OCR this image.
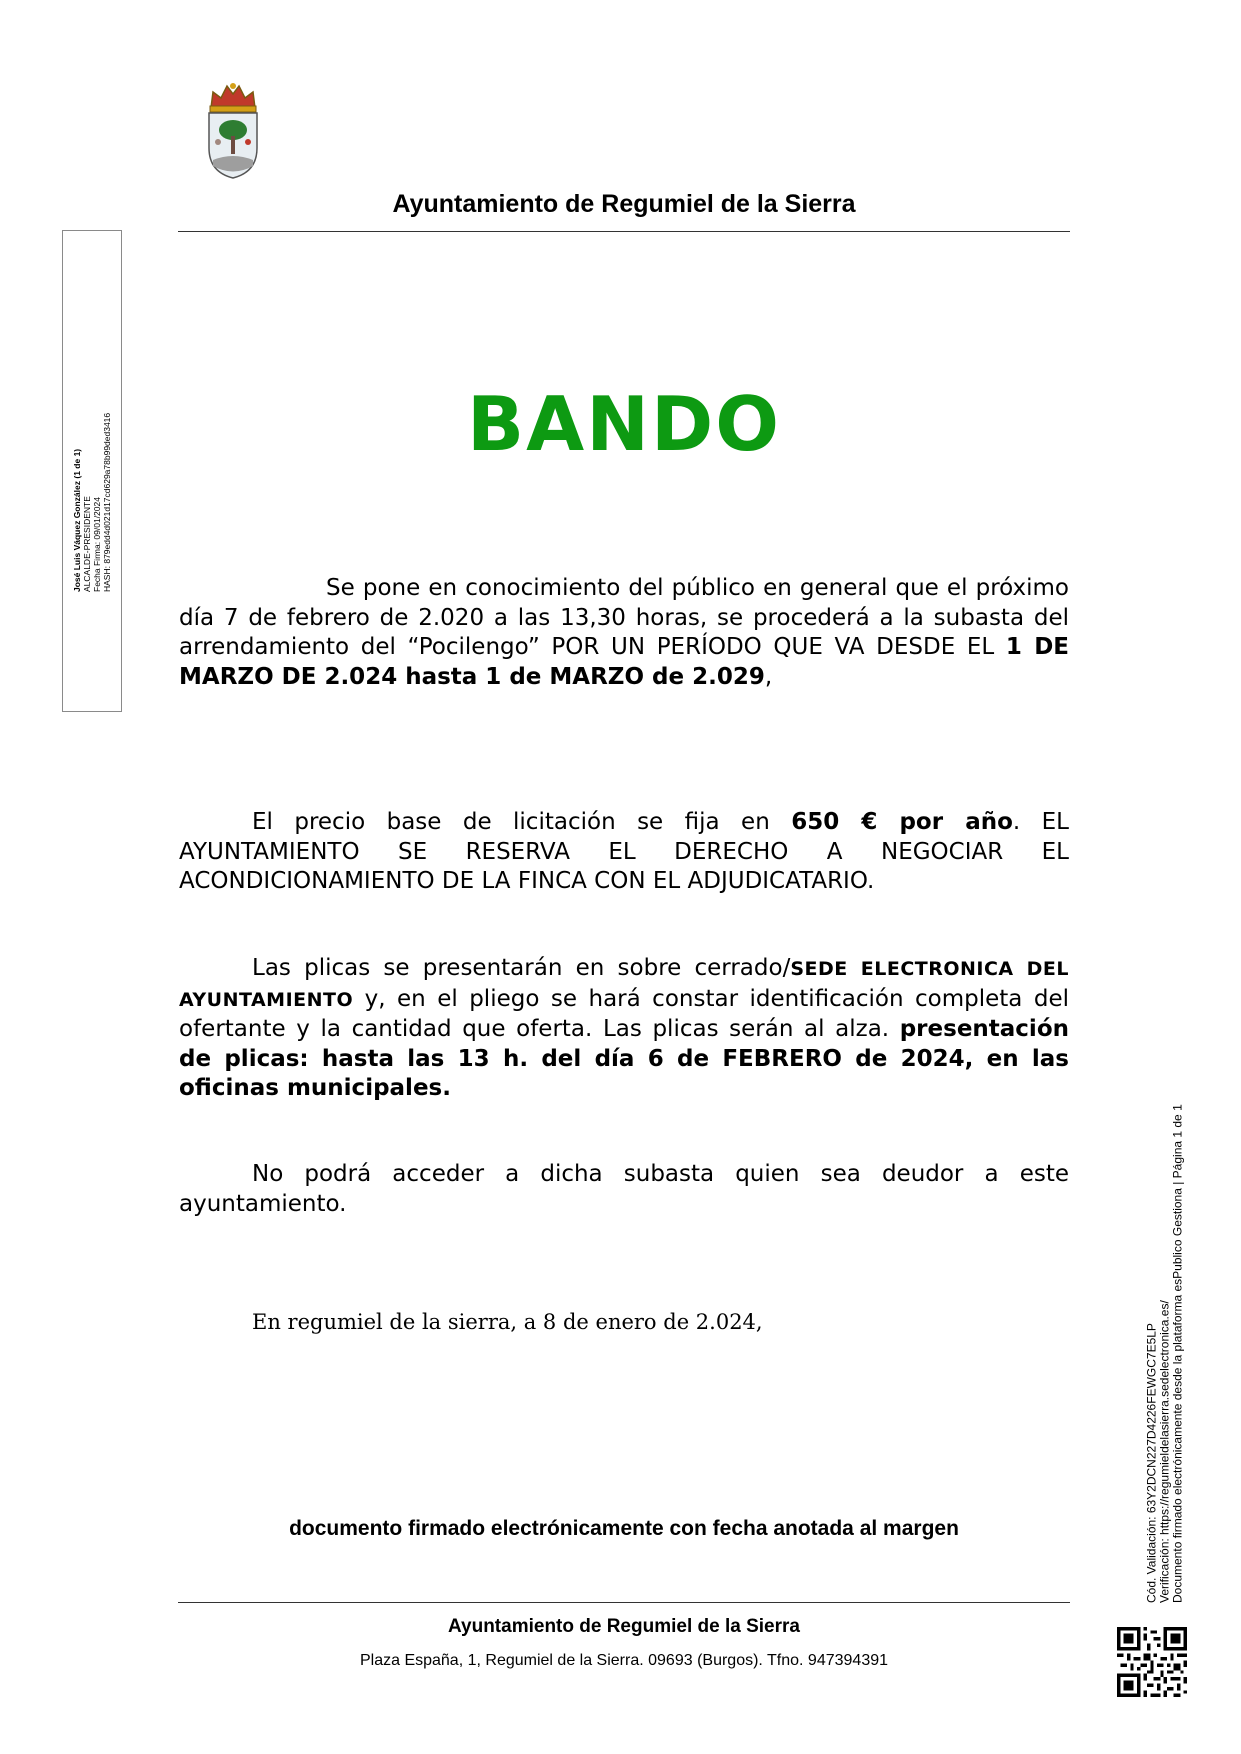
Ayuntamiento de Regumiel de la Sierra
José Luis Váquez González (1 de 1) ALCALDE-PRESIDENTE Fecha Firma: 09/01/2024 HASH: 879edd4d021d17cd629a78b99ded3416	BANDO
Se pone en conocimiento del público en general que el próximo día 7 de febrero de 2.020 a las 13,30 horas, se procederá a la subasta del arrendamiento del “Pocilengo” POR UN PERÍODO QUE VA DESDE EL 1 DE MARZO DE 2.024 hasta 1 de MARZO de 2.029,
El precio base de licitación se fija en 650 € por año. EL AYUNTAMIENTO SE RESERVA EL DERECHO A NEGOCIAR EL ACONDICIONAMIENTO DE LA FINCA CON EL ADJUDICATARIO.
Las plicas se presentarán en sobre cerrado/SEDE ELECTRONICA DEL AYUNTAMIENTO y, en el pliego se hará constar identificación completa del ofertante y la cantidad que oferta. Las plicas serán al alza. presentación de plicas: hasta las 13 h. del día 6 de FEBRERO de 2024, en las oficinas municipales.
No podrá acceder a dicha subasta quien sea deudor a este ayuntamiento.
En regumiel de la sierra, a 8 de enero de 2.024,
documento firmado electrónicamente con fecha anotada al margen
Ayuntamiento de Regumiel de la Sierra
Plaza España, 1, Regumiel de la Sierra. 09693 (Burgos). Tfno. 947394391
Cód. Validación: 63Y2DCN227D4226FEWGC7E5LP Verificación: https://regumieldelasierra.sedelectronica.es/ Documento firmado electrónicamente desde la plataforma esPublico Gestiona | Página 1 de 1
